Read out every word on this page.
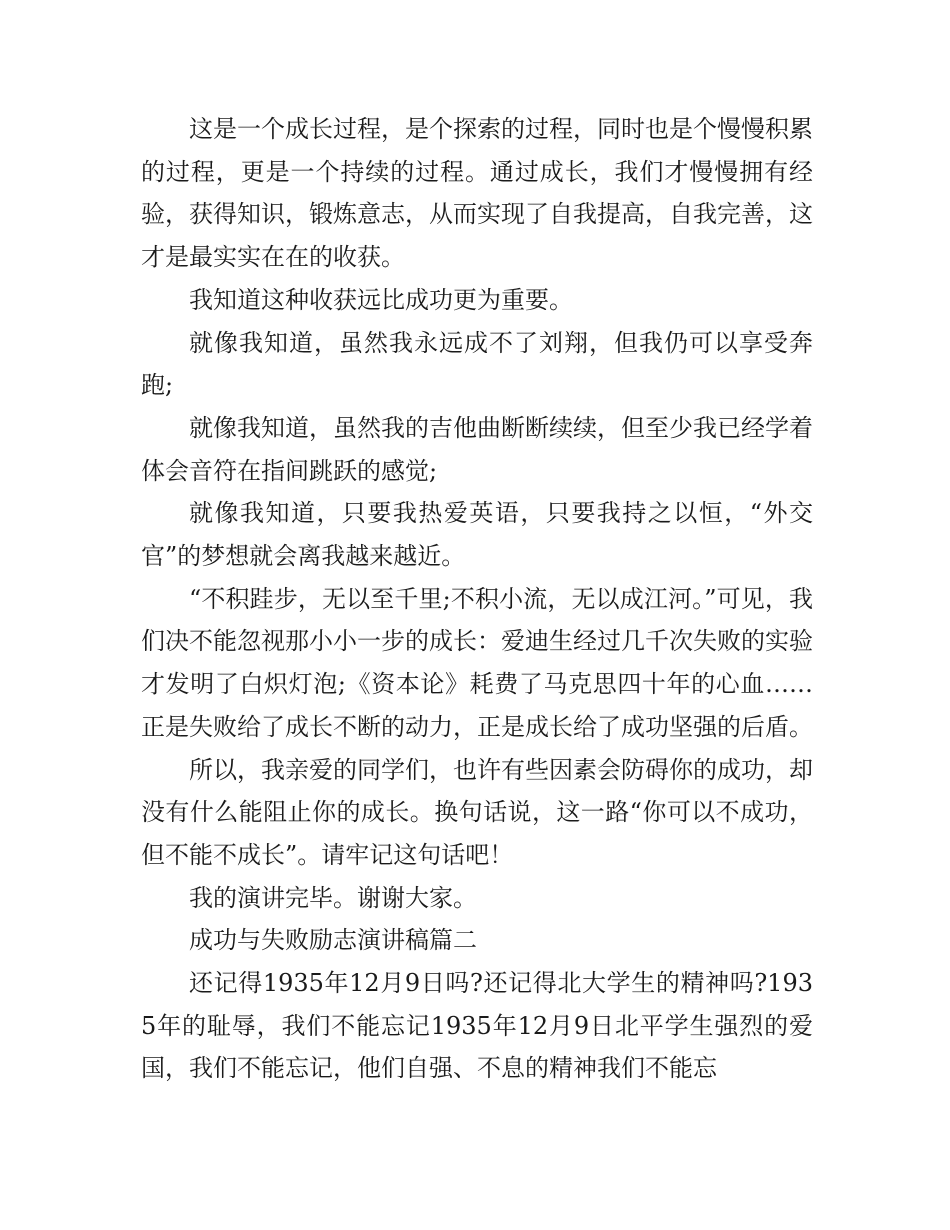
这是一个成长过程，是个探索的过程，同时也是个慢慢积累的过程，更是一个持续的过程。通过成长，我们才慢慢拥有经验，获得知识，锻炼意志，从而实现了自我提高，自我完善，这才是最实实在在的收获。

我知道这种收获远比成功更为重要。

就像我知道，虽然我永远成不了刘翔，但我仍可以享受奔跑;

就像我知道，虽然我的吉他曲断断续续，但至少我已经学着体会音符在指间跳跃的感觉;

就像我知道，只要我热爱英语，只要我持之以恒，“外交官”的梦想就会离我越来越近。

“不积跬步，无以至千里;不积小流，无以成江河。”可见，我们决不能忽视那小小一步的成长：爱迪生经过几千次失败的实验才发明了白炽灯泡;《资本论》耗费了马克思四十年的心血……正是失败给了成长不断的动力，正是成长给了成功坚强的后盾。

所以，我亲爱的同学们，也许有些因素会防碍你的成功，却没有什么能阻止你的成长。换句话说，这一路“你可以不成功，但不能不成长”。请牢记这句话吧！

我的演讲完毕。谢谢大家。

成功与失败励志演讲稿篇二

还记得1935年12月9日吗?还记得北大学生的精神吗?1935年的耻辱，我们不能忘记1935年12月9日北平学生强烈的爱国，我们不能忘记，他们自强、不息的精神我们不能忘
